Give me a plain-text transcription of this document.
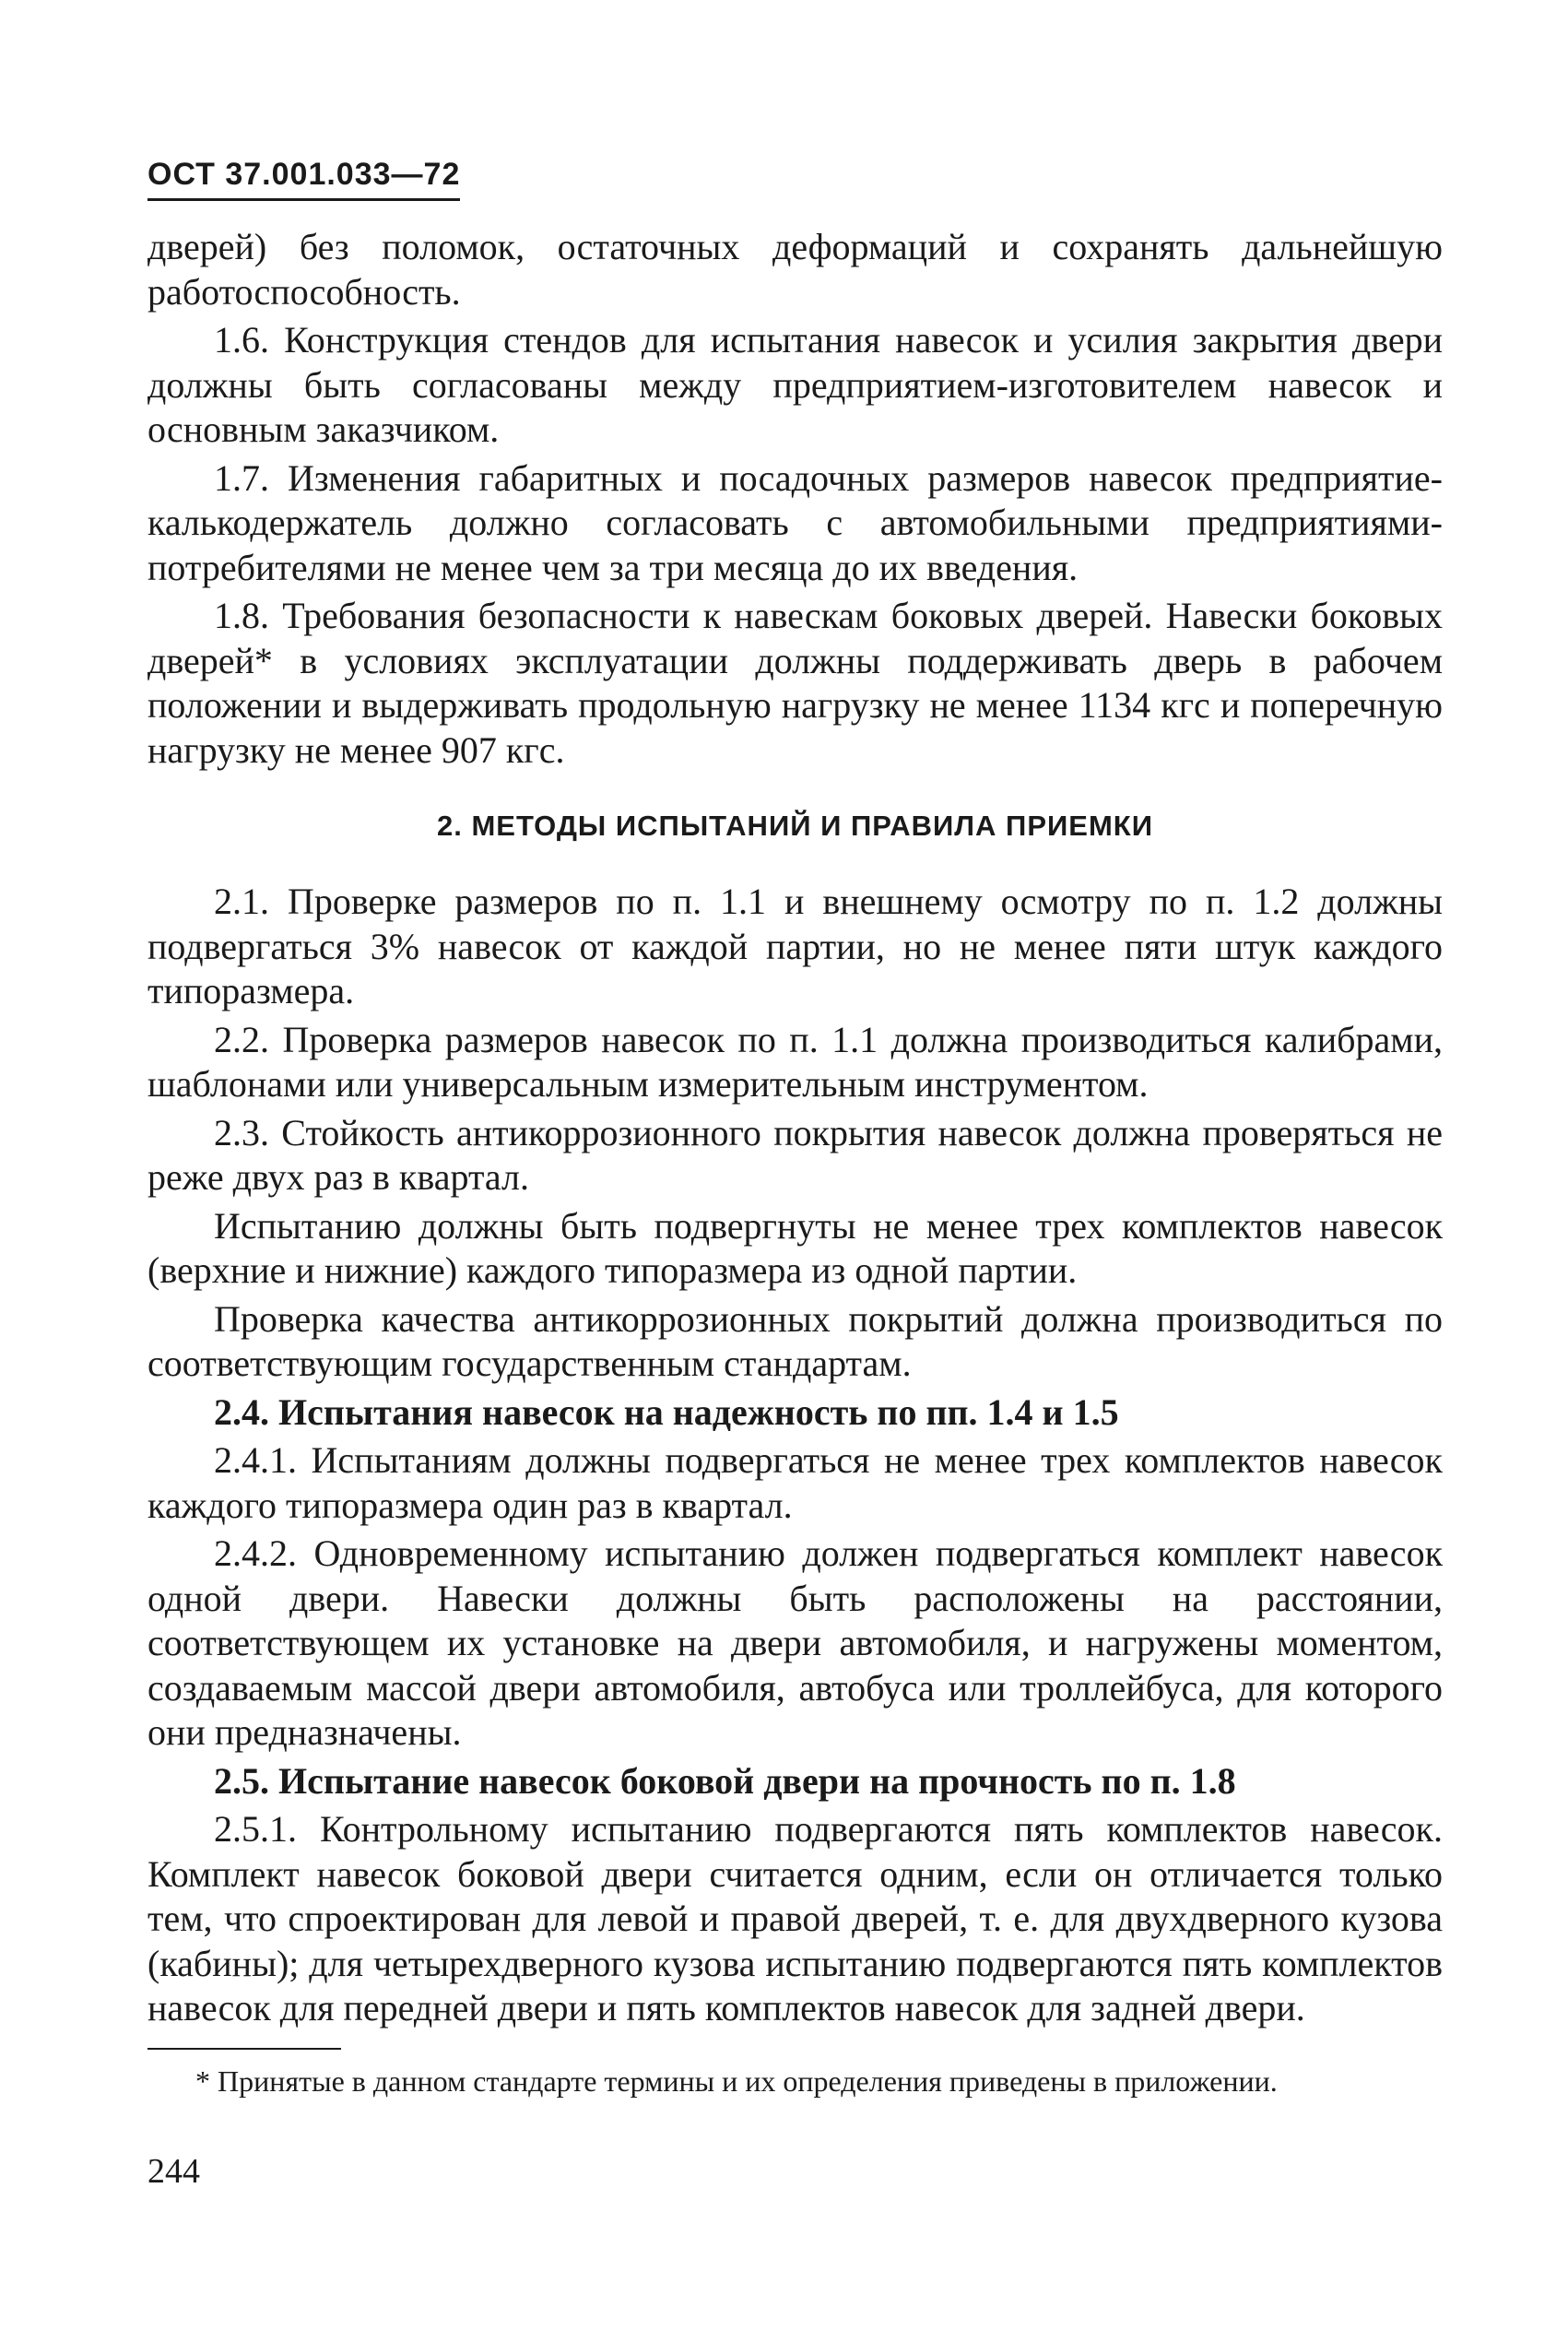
ОСТ 37.001.033—72

дверей) без поломок, остаточных деформаций и сохранять дальнейшую работоспособность.

1.6. Конструкция стендов для испытания навесок и усилия закрытия двери должны быть согласованы между предприятием-изготовителем навесок и основным заказчиком.

1.7. Изменения габаритных и посадочных размеров навесок предприятие-калькодержатель должно согласовать с автомобильными предприятиями-потребителями не менее чем за три месяца до их введения.

1.8. Требования безопасности к навескам боковых дверей. Навески боковых дверей* в условиях эксплуатации должны поддерживать дверь в рабочем положении и выдерживать продольную нагрузку не менее 1134 кгс и поперечную нагрузку не менее 907 кгс.

2. МЕТОДЫ ИСПЫТАНИЙ И ПРАВИЛА ПРИЕМКИ

2.1. Проверке размеров по п. 1.1 и внешнему осмотру по п. 1.2 должны подвергаться 3% навесок от каждой партии, но не менее пяти штук каждого типоразмера.

2.2. Проверка размеров навесок по п. 1.1 должна производиться калибрами, шаблонами или универсальным измерительным инструментом.

2.3. Стойкость антикоррозионного покрытия навесок должна проверяться не реже двух раз в квартал.

Испытанию должны быть подвергнуты не менее трех комплектов навесок (верхние и нижние) каждого типоразмера из одной партии.

Проверка качества антикоррозионных покрытий должна производиться по соответствующим государственным стандартам.

2.4. Испытания навесок на надежность по пп. 1.4 и 1.5

2.4.1. Испытаниям должны подвергаться не менее трех комплектов навесок каждого типоразмера один раз в квартал.

2.4.2. Одновременному испытанию должен подвергаться комплект навесок одной двери. Навески должны быть расположены на расстоянии, соответствующем их установке на двери автомобиля, и нагружены моментом, создаваемым массой двери автомобиля, автобуса или троллейбуса, для которого они предназначены.

2.5. Испытание навесок боковой двери на прочность по п. 1.8

2.5.1. Контрольному испытанию подвергаются пять комплектов навесок. Комплект навесок боковой двери считается одним, если он отличается только тем, что спроектирован для левой и правой дверей, т. е. для двухдверного кузова (кабины); для четырехдверного кузова испытанию подвергаются пять комплектов навесок для передней двери и пять комплектов навесок для задней двери.

* Принятые в данном стандарте термины и их определения приведены в приложении.
244
